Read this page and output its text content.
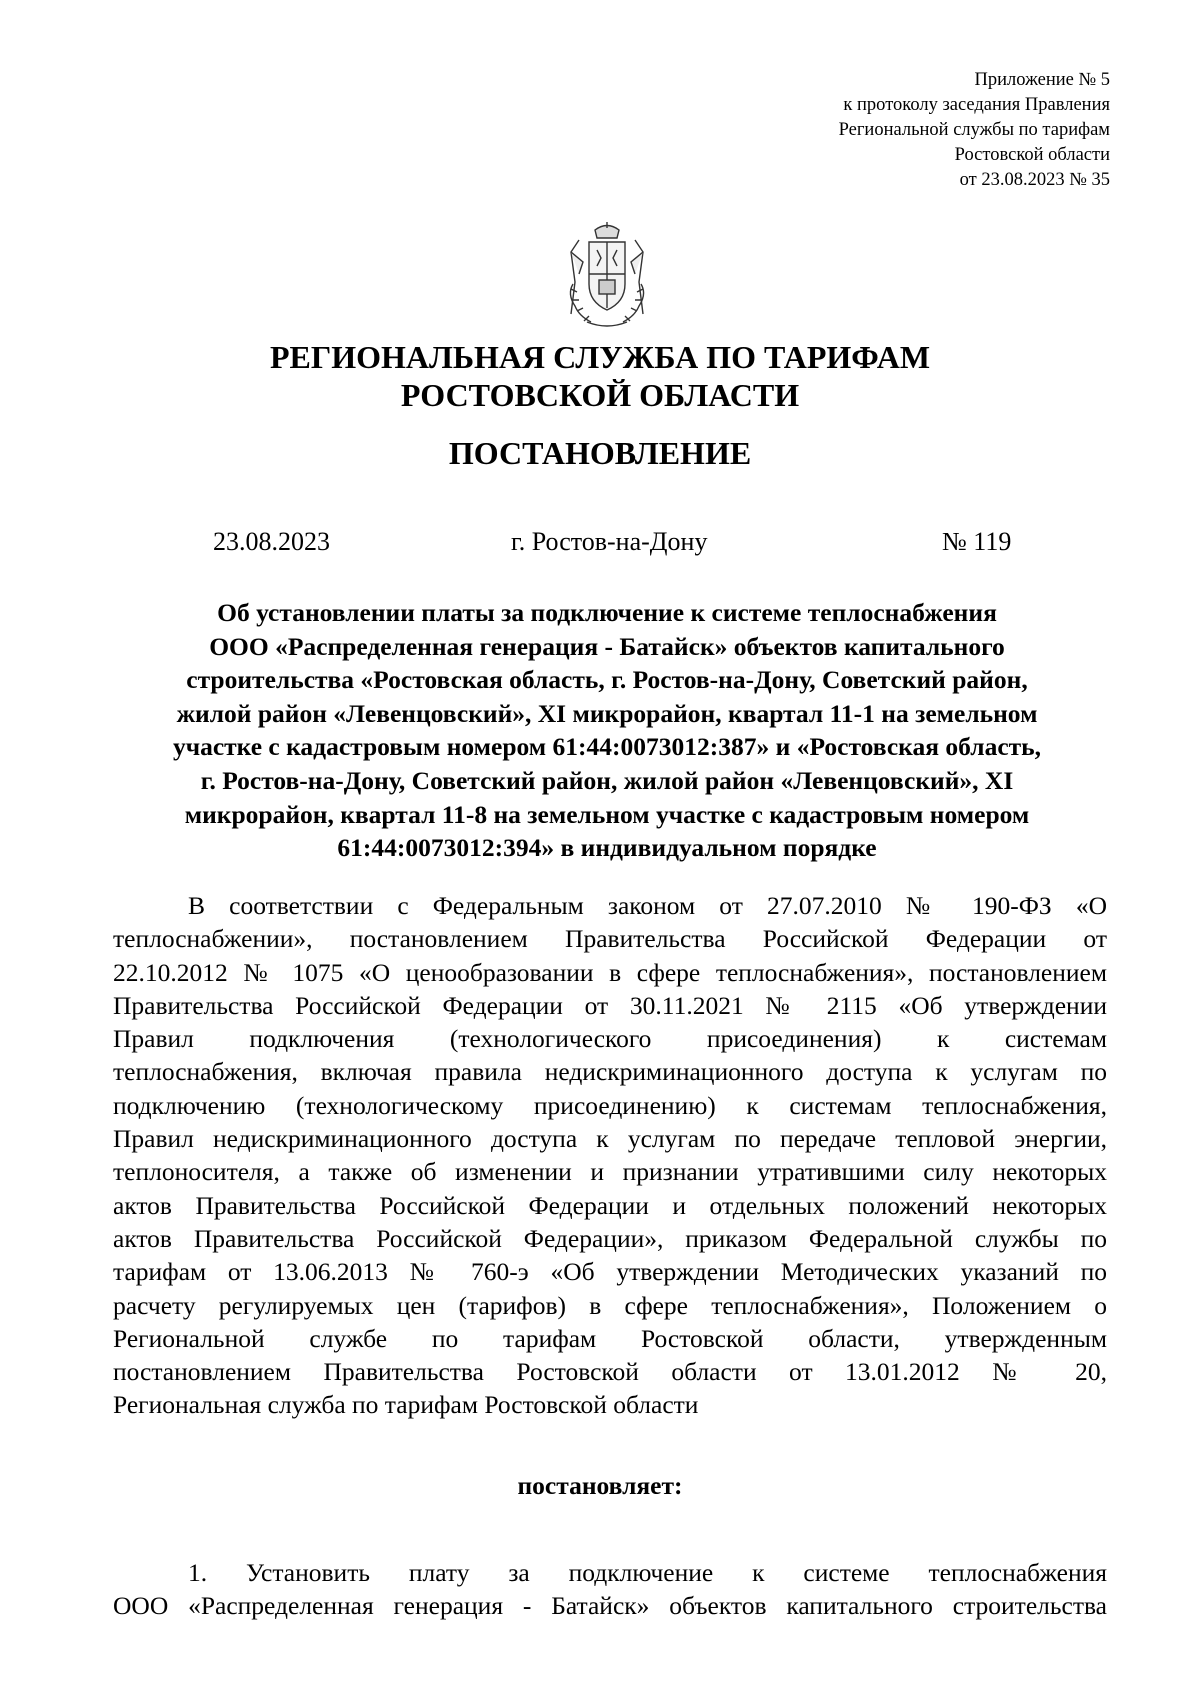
Приложение № 5
к протоколу заседания Правления
Региональной службы по тарифам
Ростовской области
от 23.08.2023 № 35
РЕГИОНАЛЬНАЯ СЛУЖБА ПО ТАРИФАМ
РОСТОВСКОЙ ОБЛАСТИ
ПОСТАНОВЛЕНИЕ
23.08.2023	г. Ростов-на-Дону	№ 119
Об установлении платы за подключение к системе теплоснабжения
ООО «Распределенная генерация - Батайск» объектов капитального
строительства «Ростовская область, г. Ростов-на-Дону, Советский район,
жилой район «Левенцовский», XI микрорайон, квартал 11-1 на земельном
участке с кадастровым номером 61:44:0073012:387» и «Ростовская область,
г. Ростов-на-Дону, Советский район, жилой район «Левенцовский», XI
микрорайон, квартал 11-8 на земельном участке с кадастровым номером
61:44:0073012:394» в индивидуальном порядке
В соответствии с Федеральным законом от 27.07.2010 № 190-ФЗ «О
теплоснабжении», постановлением Правительства Российской Федерации от
22.10.2012 № 1075 «О ценообразовании в сфере теплоснабжения», постановлением
Правительства Российской Федерации от 30.11.2021 № 2115 «Об утверждении
Правил подключения (технологического присоединения) к системам
теплоснабжения, включая правила недискриминационного доступа к услугам по
подключению (технологическому присоединению) к системам теплоснабжения,
Правил недискриминационного доступа к услугам по передаче тепловой энергии,
теплоносителя, а также об изменении и признании утратившими силу некоторых
актов Правительства Российской Федерации и отдельных положений некоторых
актов Правительства Российской Федерации», приказом Федеральной службы по
тарифам от 13.06.2013 № 760-э «Об утверждении Методических указаний по
расчету регулируемых цен (тарифов) в сфере теплоснабжения», Положением о
Региональной службе по тарифам Ростовской области, утвержденным
постановлением Правительства Ростовской области от 13.01.2012 № 20,
Региональная служба по тарифам Ростовской области
постановляет:
1. Установить плату за подключение к системе теплоснабжения
ООО «Распределенная генерация - Батайск» объектов капитального строительства
